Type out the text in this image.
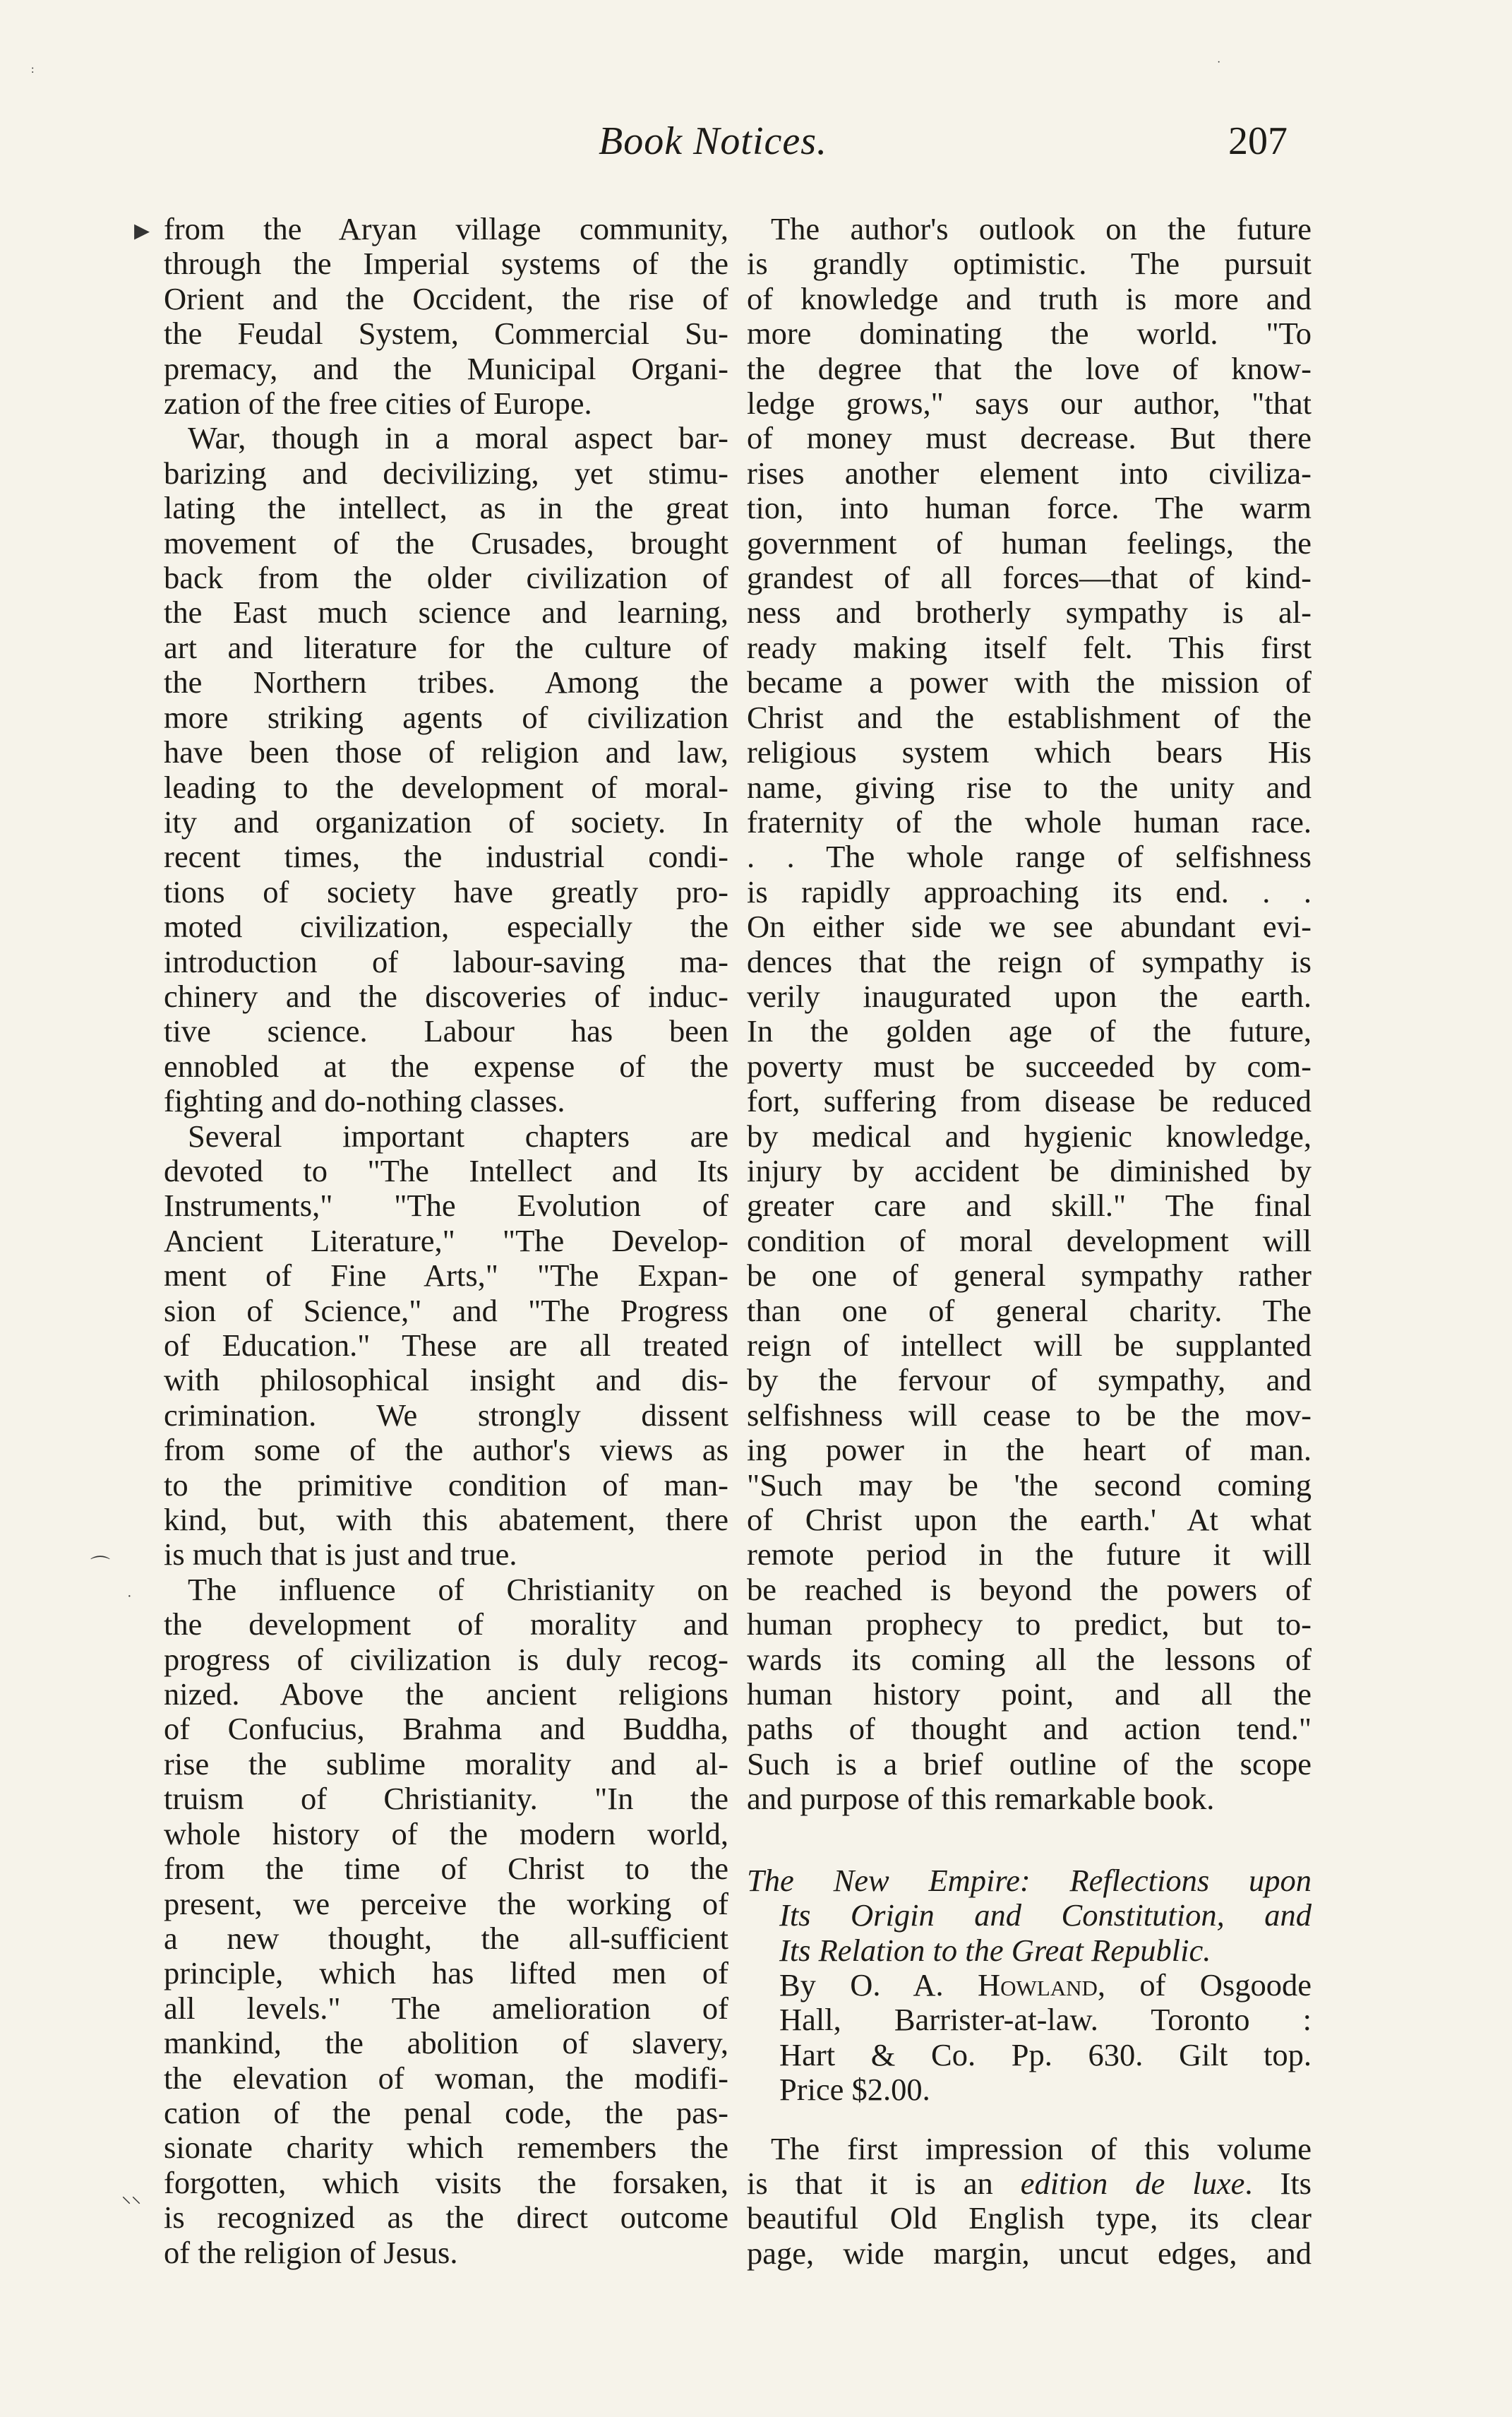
Book Notices.	207
▸
⌒
·
⸜⸜
:
·
from the Aryan village community,
through the Imperial systems of the
Orient and the Occident, the rise of
the Feudal System, Commercial Su-
premacy, and the Municipal Organi-
zation of the free cities of Europe.
War, though in a moral aspect bar-
barizing and decivilizing, yet stimu-
lating the intellect, as in the great
movement of the Crusades, brought
back from the older civilization of
the East much science and learning,
art and literature for the culture of
the Northern tribes. Among the
more striking agents of civilization
have been those of religion and law,
leading to the development of moral-
ity and organization of society. In
recent times, the industrial condi-
tions of society have greatly pro-
moted civilization, especially the
introduction of labour-saving ma-
chinery and the discoveries of induc-
tive science. Labour has been
ennobled at the expense of the
fighting and do-nothing classes.
Several important chapters are
devoted to "The Intellect and Its
Instruments," "The Evolution of
Ancient Literature," "The Develop-
ment of Fine Arts," "The Expan-
sion of Science," and "The Progress
of Education." These are all treated
with philosophical insight and dis-
crimination. We strongly dissent
from some of the author's views as
to the primitive condition of man-
kind, but, with this abatement, there
is much that is just and true.
The influence of Christianity on
the development of morality and
progress of civilization is duly recog-
nized. Above the ancient religions
of Confucius, Brahma and Buddha,
rise the sublime morality and al-
truism of Christianity. "In the
whole history of the modern world,
from the time of Christ to the
present, we perceive the working of
a new thought, the all-sufficient
principle, which has lifted men of
all levels." The amelioration of
mankind, the abolition of slavery,
the elevation of woman, the modifi-
cation of the penal code, the pas-
sionate charity which remembers the
forgotten, which visits the forsaken,
is recognized as the direct outcome
of the religion of Jesus.
The author's outlook on the future
is grandly optimistic. The pursuit
of knowledge and truth is more and
more dominating the world. "To
the degree that the love of know-
ledge grows," says our author, "that
of money must decrease. But there
rises another element into civiliza-
tion, into human force. The warm
government of human feelings, the
grandest of all forces—that of kind-
ness and brotherly sympathy is al-
ready making itself felt. This first
became a power with the mission of
Christ and the establishment of the
religious system which bears His
name, giving rise to the unity and
fraternity of the whole human race.
. . The whole range of selfishness
is rapidly approaching its end. . .
On either side we see abundant evi-
dences that the reign of sympathy is
verily inaugurated upon the earth.
In the golden age of the future,
poverty must be succeeded by com-
fort, suffering from disease be reduced
by medical and hygienic knowledge,
injury by accident be diminished by
greater care and skill." The final
condition of moral development will
be one of general sympathy rather
than one of general charity. The
reign of intellect will be supplanted
by the fervour of sympathy, and
selfishness will cease to be the mov-
ing power in the heart of man.
"Such may be 'the second coming
of Christ upon the earth.' At what
remote period in the future it will
be reached is beyond the powers of
human prophecy to predict, but to-
wards its coming all the lessons of
human history point, and all the
paths of thought and action tend."
Such is a brief outline of the scope
and purpose of this remarkable book.
The New Empire: Reflections upon
Its Origin and Constitution, and
Its Relation to the Great Republic.
By O. A. Howland, of Osgoode
Hall, Barrister-at-law. Toronto :
Hart & Co. Pp. 630. Gilt top.
Price $2.00.
The first impression of this volume
is that it is an edition de luxe. Its
beautiful Old English type, its clear
page, wide margin, uncut edges, and
